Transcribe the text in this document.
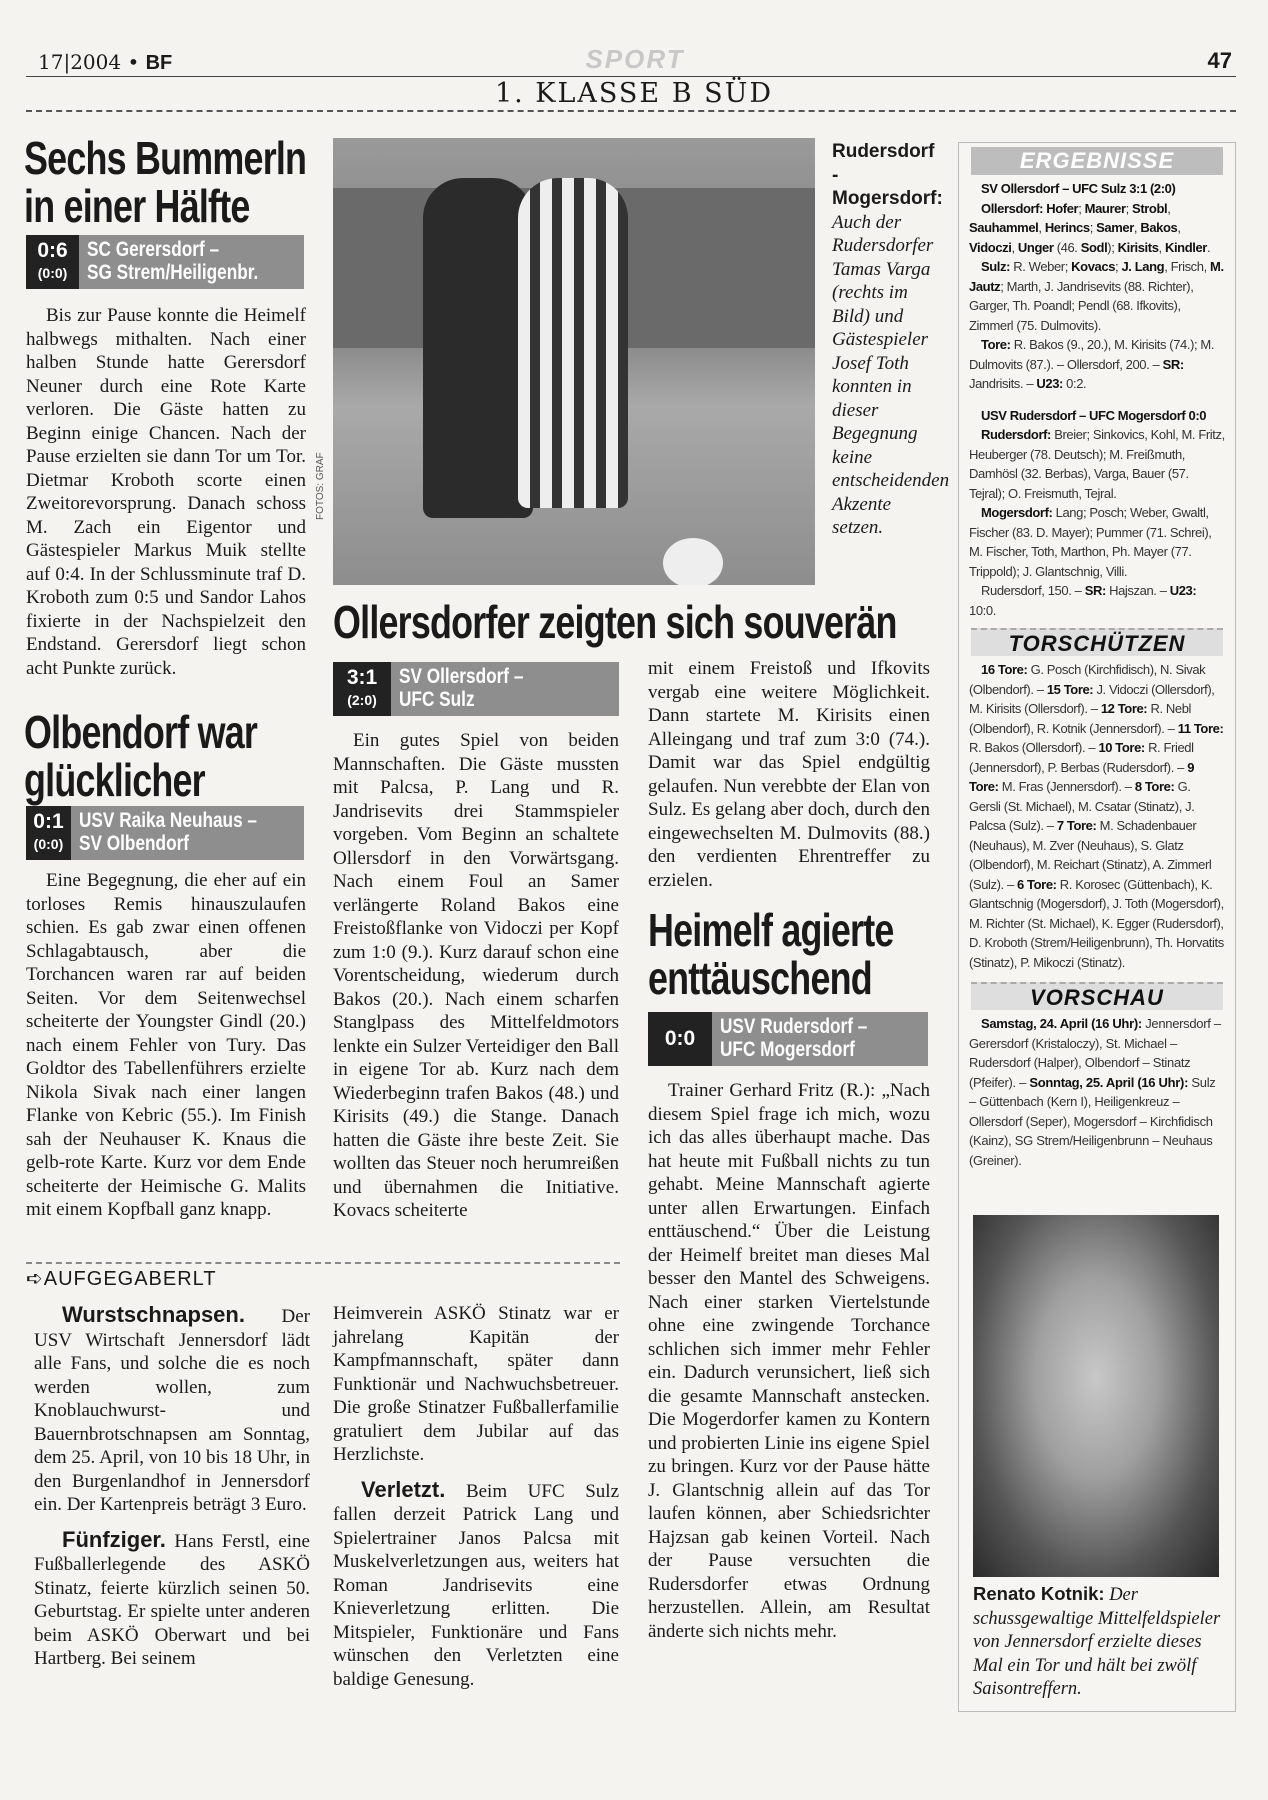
17|2004 • BF	SPORT	47
1. KLASSE B SÜD
Sechs Bummerln
in einer Hälfte
0:6
(0:0)
SC Gerersdorf –
SG Strem/Heiligenbr.
Bis zur Pause konnte die Heimelf halbwegs mithalten. Nach einer halben Stunde hatte Gerersdorf Neuner durch eine Rote Karte verloren. Die Gäste hatten zu Beginn einige Chancen. Nach der Pause erzielten sie dann Tor um Tor. Dietmar Kroboth scorte einen Zweitorevorsprung. Danach schoss M. Zach ein Eigentor und Gästespieler Markus Muik stellte auf 0:4. In der Schlussminute traf D. Kroboth zum 0:5 und Sandor Lahos fixierte in der Nachspielzeit den Endstand. Gerersdorf liegt schon acht Punkte zurück.
Olbendorf war
glücklicher
0:1
(0:0)
USV Raika Neuhaus –
SV Olbendorf
Eine Begegnung, die eher auf ein torloses Remis hinauszulaufen schien. Es gab zwar einen offenen Schlagabtausch, aber die Torchancen waren rar auf beiden Seiten. Vor dem Seitenwechsel scheiterte der Youngster Gindl (20.) nach einem Fehler von Tury. Das Goldtor des Tabellenführers erzielte Nikola Sivak nach einer langen Flanke von Kebric (55.). Im Finish sah der Neuhauser K. Knaus die gelb-rote Karte. Kurz vor dem Ende scheiterte der Heimische G. Malits mit einem Kopfball ganz knapp.
FOTOS: GRAF
Rudersdorf - Mogersdorf: Auch der Rudersdorfer Tamas Varga (rechts im Bild) und Gästespieler Josef Toth konnten in dieser Begegnung keine entscheidenden Akzente setzen.
Ollersdorfer zeigten sich souverän
3:1
(2:0)
SV Ollersdorf –
UFC Sulz
Ein gutes Spiel von beiden Mannschaften. Die Gäste mussten mit Palcsa, P. Lang und R. Jandrisevits drei Stammspieler vorgeben. Vom Beginn an schaltete Ollersdorf in den Vorwärtsgang. Nach einem Foul an Samer verlängerte Roland Bakos eine Freistoßflanke von Vidoczi per Kopf zum 1:0 (9.). Kurz darauf schon eine Vorentscheidung, wiederum durch Bakos (20.). Nach einem scharfen Stanglpass des Mittelfeldmotors lenkte ein Sulzer Verteidiger den Ball in eigene Tor ab. Kurz nach dem Wiederbeginn trafen Bakos (48.) und Kirisits (49.) die Stange. Danach hatten die Gäste ihre beste Zeit. Sie wollten das Steuer noch herumreißen und übernahmen die Initiative. Kovacs scheiterte
mit einem Freistoß und Ifkovits vergab eine weitere Möglichkeit. Dann startete M. Kirisits einen Alleingang und traf zum 3:0 (74.). Damit war das Spiel endgültig gelaufen. Nun verebbte der Elan von Sulz. Es gelang aber doch, durch den eingewechselten M. Dulmovits (88.) den verdienten Ehrentreffer zu erzielen.
Heimelf agierte
enttäuschend
0:0
USV Rudersdorf –
UFC Mogersdorf
Trainer Gerhard Fritz (R.): „Nach diesem Spiel frage ich mich, wozu ich das alles überhaupt mache. Das hat heute mit Fußball nichts zu tun gehabt. Meine Mannschaft agierte unter allen Erwartungen. Einfach enttäuschend.“ Über die Leistung der Heimelf breitet man dieses Mal besser den Mantel des Schweigens. Nach einer starken Viertelstunde ohne eine zwingende Torchance schlichen sich immer mehr Fehler ein. Dadurch verunsichert, ließ sich die gesamte Mannschaft anstecken. Die Mogerdorfer kamen zu Kontern und probierten Linie ins eigene Spiel zu bringen. Kurz vor der Pause hätte J. Glantschnig allein auf das Tor laufen können, aber Schiedsrichter Hajzsan gab keinen Vorteil. Nach der Pause versuchten die Rudersdorfer etwas Ordnung herzustellen. Allein, am Resultat änderte sich nichts mehr.
➪AUFGEGABERLT

Wurstschnapsen. Der USV Wirtschaft Jennersdorf lädt alle Fans, und solche die es noch werden wollen, zum Knoblauchwurst- und Bauernbrotschnapsen am Sonntag, dem 25. April, von 10 bis 18 Uhr, in den Burgenlandhof in Jennersdorf ein. Der Kartenpreis beträgt 3 Euro.

Fünfziger. Hans Ferstl, eine Fußballerlegende des ASKÖ Stinatz, feierte kürzlich seinen 50. Geburtstag. Er spielte unter anderen beim ASKÖ Oberwart und bei Hartberg. Bei seinem

Heimverein ASKÖ Stinatz war er jahrelang Kapitän der Kampfmannschaft, später dann Funktionär und Nachwuchsbetreuer. Die große Stinatzer Fußballerfamilie gratuliert dem Jubilar auf das Herzlichste.

Verletzt. Beim UFC Sulz fallen derzeit Patrick Lang und Spielertrainer Janos Palcsa mit Muskelverletzungen aus, weiters hat Roman Jandrisevits eine Knieverletzung erlitten. Die Mitspieler, Funktionäre und Fans wünschen den Verletzten eine baldige Genesung.

ERGEBNISSE

SV Ollersdorf – UFC Sulz 3:1 (2:0)

Ollersdorf: Hofer; Maurer; Strobl, Sauhammel, Herincs; Samer, Bakos, Vidoczi, Unger (46. Sodl); Kirisits, Kindler.

Sulz: R. Weber; Kovacs; J. Lang, Frisch, M. Jautz; Marth, J. Jandrisevits (88. Richter), Garger, Th. Poandl; Pendl (68. Ifkovits), Zimmerl (75. Dulmovits).

Tore: R. Bakos (9., 20.), M. Kirisits (74.); M. Dulmovits (87.). – Ollersdorf, 200. – SR: Jandrisits. – U23: 0:2.

USV Rudersdorf – UFC Mogersdorf 0:0

Rudersdorf: Breier; Sinkovics, Kohl, M. Fritz, Heuberger (78. Deutsch); M. Freißmuth, Damhösl (32. Berbas), Varga, Bauer (57. Tejral); O. Freismuth, Tejral.

Mogersdorf: Lang; Posch; Weber, Gwaltl, Fischer (83. D. Mayer); Pummer (71. Schrei), M. Fischer, Toth, Marthon, Ph. Mayer (77. Trippold); J. Glantschnig, Villi.

Rudersdorf, 150. – SR: Hajszan. – U23: 10:0.

TORSCHÜTZEN

16 Tore: G. Posch (Kirchfidisch), N. Sivak (Olbendorf). – 15 Tore: J. Vidoczi (Ollersdorf), M. Kirisits (Ollersdorf). – 12 Tore: R. Nebl (Olbendorf), R. Kotnik (Jennersdorf). – 11 Tore: R. Bakos (Ollersdorf). – 10 Tore: R. Friedl (Jennersdorf), P. Berbas (Rudersdorf). – 9 Tore: M. Fras (Jennersdorf). – 8 Tore: G. Gersli (St. Michael), M. Csatar (Stinatz), J. Palcsa (Sulz). – 7 Tore: M. Schadenbauer (Neuhaus), M. Zver (Neuhaus), S. Glatz (Olbendorf), M. Reichart (Stinatz), A. Zimmerl (Sulz). – 6 Tore: R. Korosec (Güttenbach), K. Glantschnig (Mogersdorf), J. Toth (Mogersdorf), M. Richter (St. Michael), K. Egger (Rudersdorf), D. Kroboth (Strem/Heiligenbrunn), Th. Horvatits (Stinatz), P. Mikoczi (Stinatz).

VORSCHAU

Samstag, 24. April (16 Uhr): Jennersdorf – Gerersdorf (Kristaloczy), St. Michael – Rudersdorf (Halper), Olbendorf – Stinatz (Pfeifer). – Sonntag, 25. April (16 Uhr): Sulz – Güttenbach (Kern I), Heiligenkreuz – Ollersdorf (Seper), Mogersdorf – Kirchfidisch (Kainz), SG Strem/Heiligenbrunn – Neuhaus (Greiner).

Renato Kotnik: Der schussgewaltige Mittelfeldspieler von Jennersdorf erzielte dieses Mal ein Tor und hält bei zwölf Saisontreffern.
